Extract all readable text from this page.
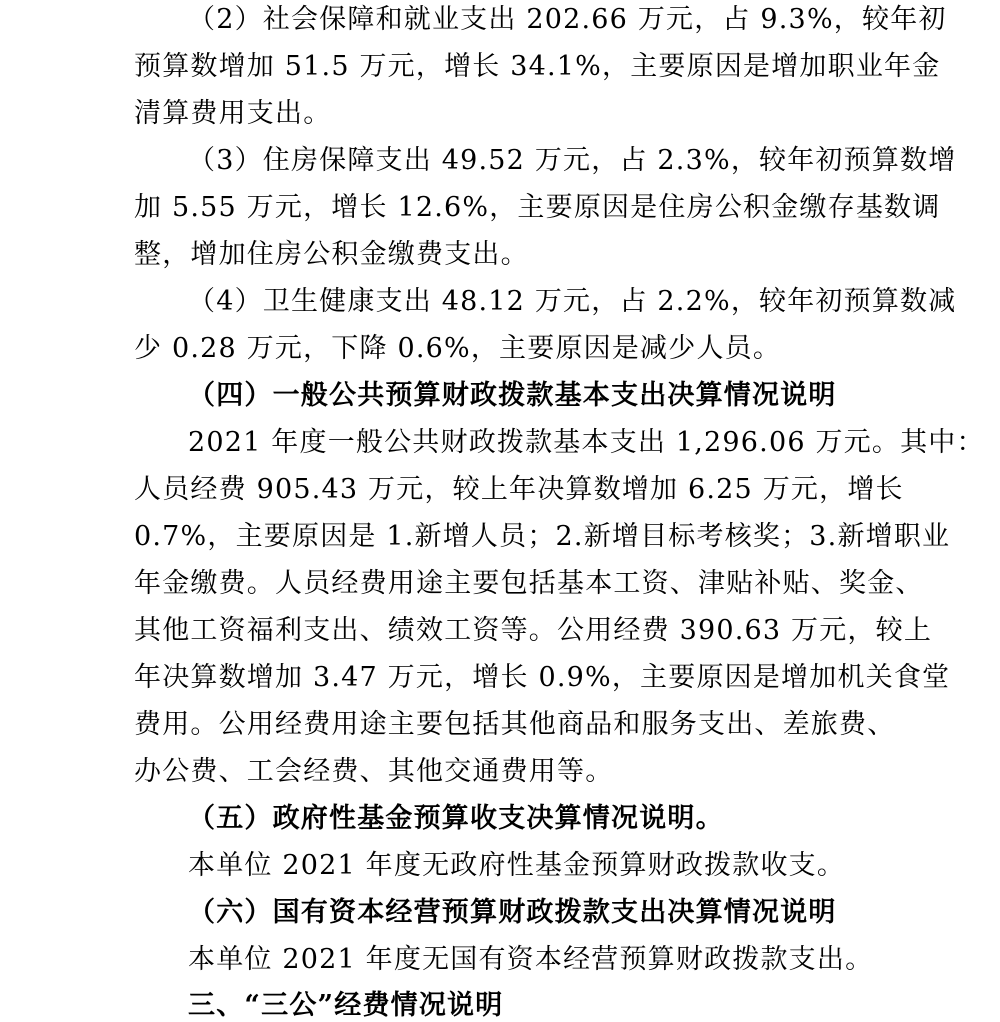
（2）社会保障和就业支出 202.66 万元，占 9.3%，较年初
预算数增加 51.5 万元，增长 34.1%，主要原因是增加职业年金
清算费用支出。
（3）住房保障支出 49.52 万元，占 2.3%，较年初预算数增
加 5.55 万元，增长 12.6%，主要原因是住房公积金缴存基数调
整，增加住房公积金缴费支出。
（4）卫生健康支出 48.12 万元，占 2.2%，较年初预算数减
少 0.28 万元，下降 0.6%，主要原因是减少人员。
（四）一般公共预算财政拨款基本支出决算情况说明
2021 年度一般公共财政拨款基本支出 1,296.06 万元。其中：
人员经费 905.43 万元，较上年决算数增加 6.25 万元，增长
0.7%，主要原因是 1.新增人员；2.新增目标考核奖；3.新增职业
年金缴费。人员经费用途主要包括基本工资、津贴补贴、奖金、
其他工资福利支出、绩效工资等。公用经费 390.63 万元，较上
年决算数增加 3.47 万元，增长 0.9%，主要原因是增加机关食堂
费用。公用经费用途主要包括其他商品和服务支出、差旅费、
办公费、工会经费、其他交通费用等。
（五）政府性基金预算收支决算情况说明。
本单位 2021 年度无政府性基金预算财政拨款收支。
（六）国有资本经营预算财政拨款支出决算情况说明
本单位 2021 年度无国有资本经营预算财政拨款支出。
三、“三公”经费情况说明
